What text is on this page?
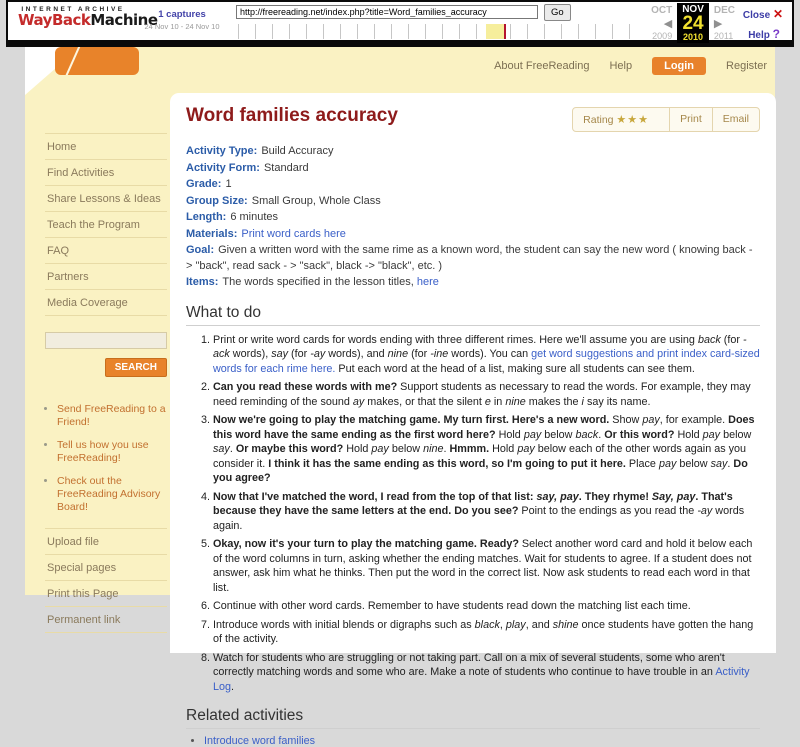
INTERNET ARCHIVE
WayBackMachine 1 captures
24 Nov 10 - 24 Nov 10
http://freereading.net/index.php?title=Word_families_accuracy
Go	OCT
◀
2009
NOV
24
2010
DEC
▶
2011
Close ✕
Help ?
About FreeReading Help	Login	Register
Home
Find Activities
Share Lessons & Ideas
Teach the Program
FAQ
Partners
Media Coverage
SEARCH
• Send FreeReading to a Friend!
• Tell us how you use FreeReading!
• Check out the FreeReading Advisory Board!
Upload file
Special pages
Print this Page
Permanent link
Word families accuracy	Rating ★★★	Print	Email
Activity Type: Build Accuracy
Activity Form: Standard
Grade: 1
Group Size: Small Group, Whole Class
Length: 6 minutes
Materials: Print word cards here
Goal: Given a written word with the same rime as a known word, the student can say the new word ( knowing back - > "back", read sack - > "sack", black -> "black", etc. )
Items: The words specified in the lesson titles, here
What to do
1. Print or write word cards for words ending with three different rimes. Here we'll assume you are using back (for -ack words), say (for -ay words), and nine (for -ine words). You can get word suggestions and print index card-sized words for each rime here. Put each word at the head of a list, making sure all students can see them.
2. Can you read these words with me? Support students as necessary to read the words. For example, they may need reminding of the sound ay makes, or that the silent e in nine makes the i say its name.
3. Now we're going to play the matching game. My turn first. Here's a new word. Show pay, for example. Does this word have the same ending as the first word here? Hold pay below back. Or this word? Hold pay below say. Or maybe this word? Hold pay below nine. Hmmm. Hold pay below each of the other words again as you consider it. I think it has the same ending as this word, so I'm going to put it here. Place pay below say. Do you agree?
4. Now that I've matched the word, I read from the top of that list: say, pay. They rhyme! Say, pay. That's because they have the same letters at the end. Do you see? Point to the endings as you read the -ay words again.
5. Okay, now it's your turn to play the matching game. Ready? Select another word card and hold it below each of the word columns in turn, asking whether the ending matches. Wait for students to agree. If a student does not answer, ask him what he thinks. Then put the word in the correct list. Now ask students to read each word in that list.
6. Continue with other word cards. Remember to have students read down the matching list each time.
7. Introduce words with initial blends or digraphs such as black, play, and shine once students have gotten the hang of the activity.
8. Watch for students who are struggling or not taking part. Call on a mix of several students, some who aren't correctly matching words and some who are. Make a note of students who continue to have trouble in an Activity Log.
Related activities
• Introduce word families
